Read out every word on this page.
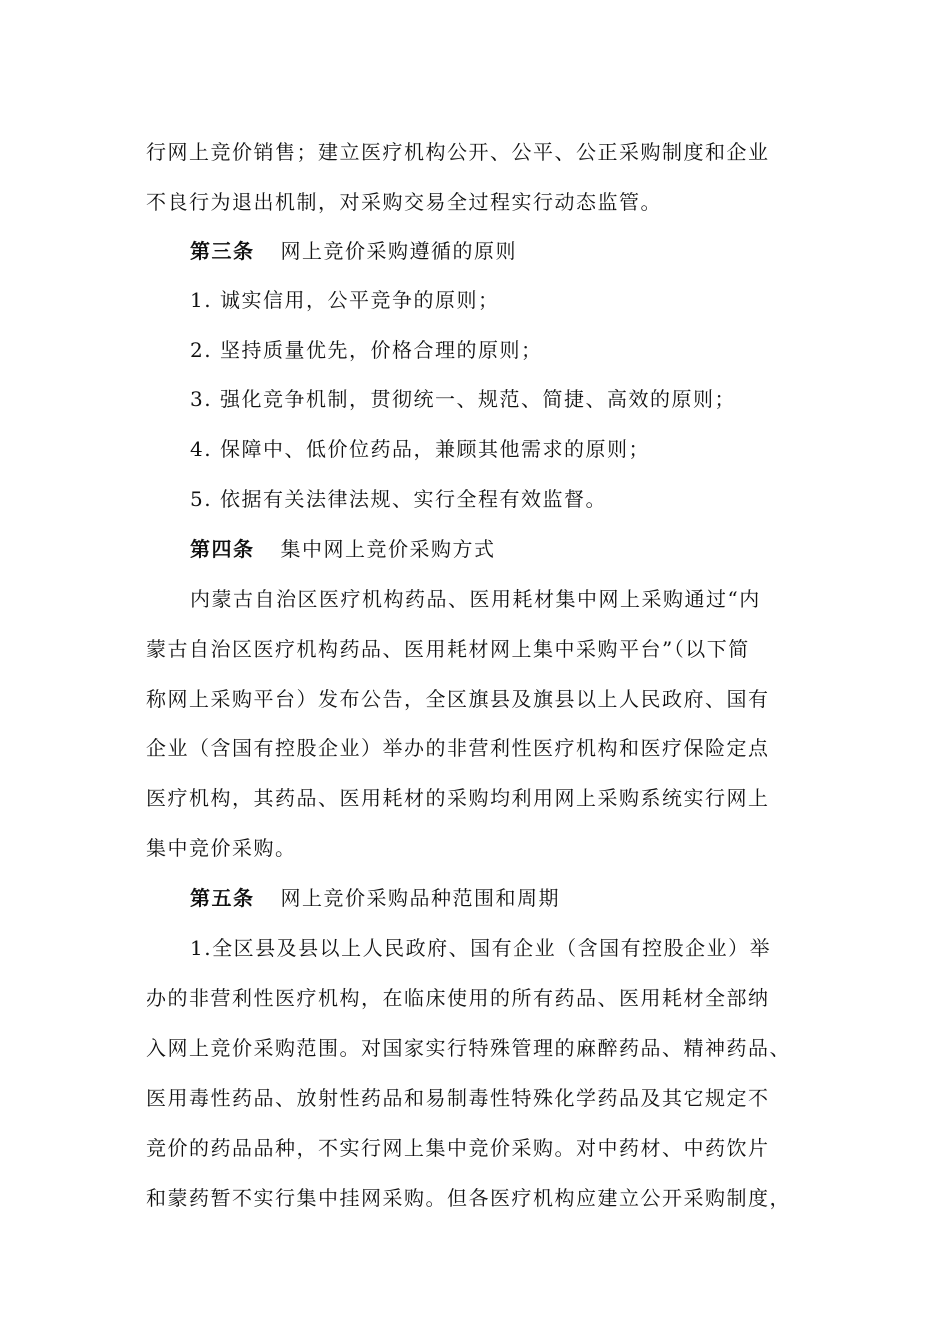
行网上竞价销售；建立医疗机构公开、公平、公正采购制度和企业
不良行为退出机制，对采购交易全过程实行动态监管。
第三条 网上竞价采购遵循的原则
1. 诚实信用，公平竞争的原则；
2. 坚持质量优先，价格合理的原则；
3. 强化竞争机制，贯彻统一、规范、简捷、高效的原则；
4. 保障中、低价位药品，兼顾其他需求的原则；
5. 依据有关法律法规、实行全程有效监督。
第四条 集中网上竞价采购方式
内蒙古自治区医疗机构药品、医用耗材集中网上采购通过“内
蒙古自治区医疗机构药品、医用耗材网上集中采购平台”（以下简
称网上采购平台）发布公告，全区旗县及旗县以上人民政府、国有
企业（含国有控股企业）举办的非营利性医疗机构和医疗保险定点
医疗机构，其药品、医用耗材的采购均利用网上采购系统实行网上
集中竞价采购。
第五条 网上竞价采购品种范围和周期
1.全区县及县以上人民政府、国有企业（含国有控股企业）举
办的非营利性医疗机构，在临床使用的所有药品、医用耗材全部纳
入网上竞价采购范围。对国家实行特殊管理的麻醉药品、精神药品、
医用毒性药品、放射性药品和易制毒性特殊化学药品及其它规定不
竞价的药品品种，不实行网上集中竞价采购。对中药材、中药饮片
和蒙药暂不实行集中挂网采购。但各医疗机构应建立公开采购制度，
